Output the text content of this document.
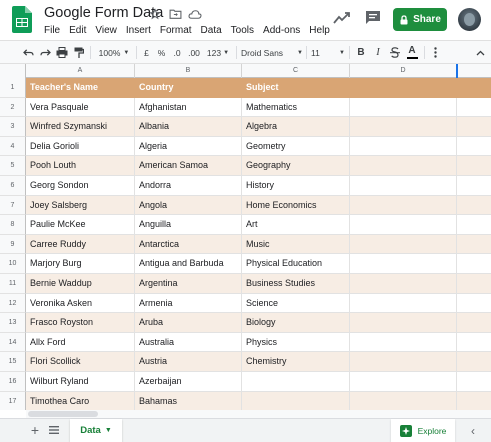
Google Form Data
File Edit View Insert Format Data Tools Add-ons Help
Share
100% ▼ £ % .0 .00 123 ▼ Droid Sans ▼ 11	▼ B	I	A
A	B	C	D
1	Teacher's Name	Country	Subject
2	Vera Pasquale	Afghanistan	Mathematics
3	Winfred Szymanski	Albania	Algebra
4	Delia Gorioli	Algeria	Geometry
5	Pooh Louth	American Samoa	Geography
6	Georg Sondon	Andorra	History
7	Joey Salsberg	Angola	Home Economics
8	Paulie McKee	Anguilla	Art
9	Carree Ruddy	Antarctica	Music
10	Marjory Burg	Antigua and Barbuda	Physical Education
11	Bernie Waddup	Argentina	Business Studies
12	Veronika Asken	Armenia	Science
13	Frasco Royston	Aruba	Biology
14	Allx Ford	Australia	Physics
15	Flori Scollick	Austria	Chemistry
16	Wilburt Ryland	Azerbaijan
17	Timothea Caro	Bahamas
+	Data ▼	Explore	‹
